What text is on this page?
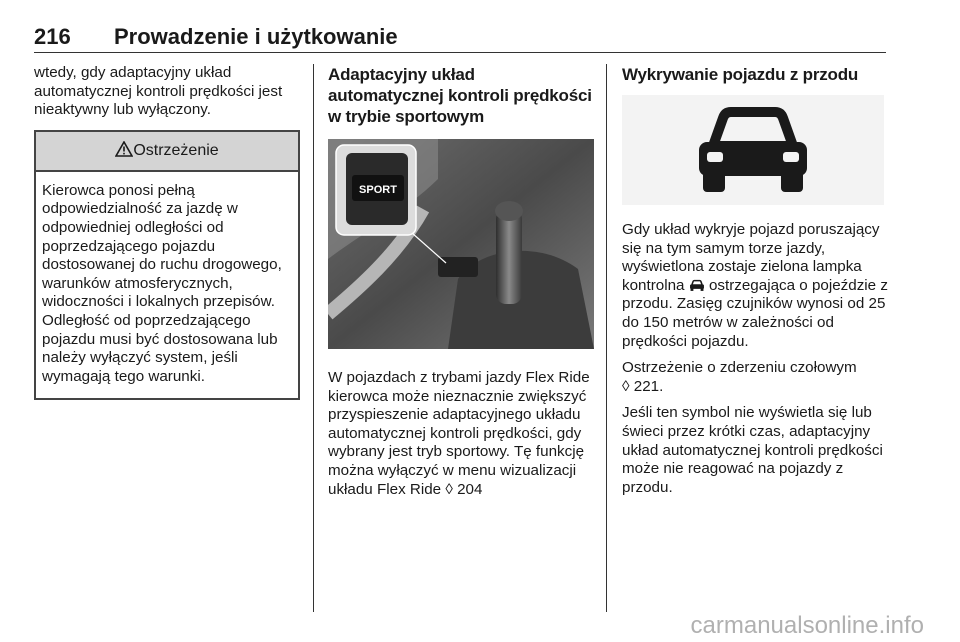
216 Prowadzenie i użytkowanie

wtedy, gdy adaptacyjny układ automatycznej kontroli prędkości jest nieaktywny lub wyłączony.

Ostrzeżenie

Kierowca ponosi pełną odpowiedzialność za jazdę w odpowiedniej odległości od poprzedzającego pojazdu dostosowanej do ruchu drogowego, warunków atmosferycznych, widoczności i lokalnych przepisów. Odległość od poprzedzającego pojazdu musi być dostosowana lub należy wyłączyć system, jeśli wymagają tego warunki.

Adaptacyjny układ automatycznej kontroli prędkości w trybie sportowym

SPORT

W pojazdach z trybami jazdy Flex Ride kierowca może nieznacznie zwiększyć przyspieszenie adaptacyjnego układu automatycznej kontroli prędkości, gdy wybrany jest tryb sportowy. Tę funkcję można wyłączyć w menu wizualizacji układu Flex Ride ◊ 204

Wykrywanie pojazdu z przodu

Gdy układ wykryje pojazd poruszający się na tym samym torze jazdy, wyświetlona zostaje zielona lampka kontrolna ostrzegająca o pojeździe z przodu. Zasięg czujników wynosi od 25 do 150 metrów w zależności od prędkości pojazdu.

Ostrzeżenie o zderzeniu czołowym
◊ 221.

Jeśli ten symbol nie wyświetla się lub świeci przez krótki czas, adaptacyjny układ automatycznej kontroli prędkości może nie reagować na pojazdy z przodu.

carmanualsonline.info
